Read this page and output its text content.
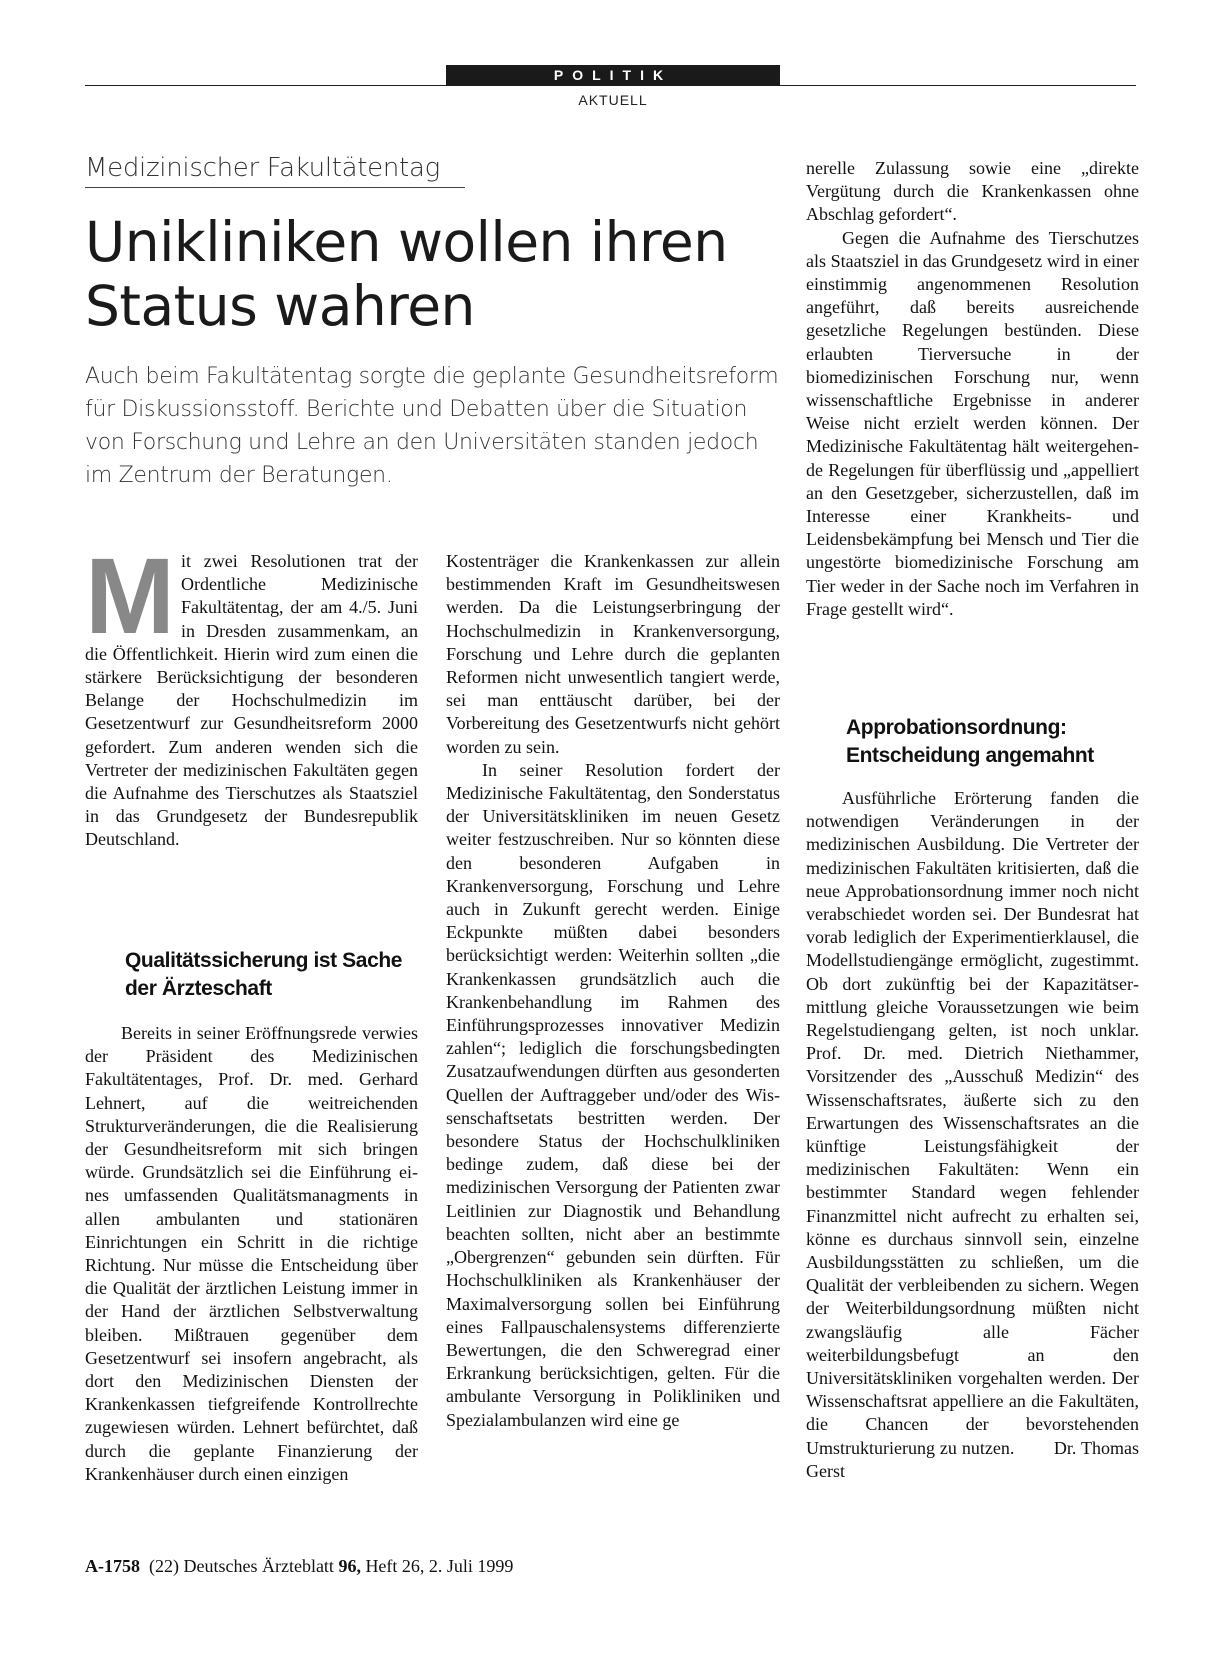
POLITIK
AKTUELL
Medizinischer Fakultätentag
Unikliniken wollen ihren Status wahren
Auch beim Fakultätentag sorgte die geplante Gesundheitsreform für Diskussionsstoff. Berichte und Debatten über die Situation von Forschung und Lehre an den Universitäten standen jedoch im Zentrum der Beratungen.
M it zwei Resolutionen trat der Ordentliche Medizinische Fakultätentag, der am 4./5. Juni in Dresden zusammenkam, an die Öffentlichkeit. Hierin wird zum einen die stärkere Berücksichtigung der besonderen Belange der Hochschulmedizin im Gesetzentwurf zur Gesundheitsreform 2000 gefordert. Zum anderen wenden sich die Vertreter der medizinischen Fakultäten gegen die Aufnahme des Tierschutzes als Staatsziel in das Grundgesetz der Bundesrepublik Deutschland.

Qualitätssicherung ist Sache der Ärzteschaft

Bereits in seiner Eröffnungsrede verwies der Präsident des Medizinischen Fakultätentages, Prof. Dr. med. Gerhard Lehnert, auf die weitreichenden Strukturveränderungen, die die Realisierung der Gesundheitsreform mit sich bringen würde. Grundsätzlich sei die Einführung eines umfassenden Qualitätsmanagments in allen ambulanten und stationären Einrichtungen ein Schritt in die richtige Richtung. Nur müsse die Entscheidung über die Qualität der ärztlichen Leistung immer in der Hand der ärztlichen Selbstverwaltung bleiben. Mißtrauen gegenüber dem Gesetzentwurf sei insofern angebracht, als dort den Medizinischen Diensten der Krankenkassen tiefgreifende Kontrollrechte zugewiesen würden. Lehnert befürchtet, daß durch die geplante Finanzierung der Krankenhäuser durch einen einzigen

Kostenträger die Krankenkassen zur allein bestimmenden Kraft im Gesundheitswesen werden. Da die Leistungserbringung der Hochschulmedizin in Krankenversorgung, Forschung und Lehre durch die geplanten Reformen nicht unwesentlich tangiert werde, sei man enttäuscht darüber, bei der Vorbereitung des Gesetzentwurfs nicht gehört worden zu sein.

In seiner Resolution fordert der Medizinische Fakultätentag, den Sonderstatus der Universitätskliniken im neuen Gesetz weiter festzuschreiben. Nur so könnten diese den besonderen Aufgaben in Krankenversorgung, Forschung und Lehre auch in Zukunft gerecht werden. Einige Eckpunkte müßten dabei besonders berücksichtigt werden: Weiterhin sollten „die Krankenkassen grundsätzlich auch die Krankenbehandlung im Rahmen des Einführungsprozesses innovativer Medizin zahlen“; lediglich die forschungsbedingten Zusatzaufwendungen dürften aus gesonderten Quellen der Auftraggeber und/oder des Wissenschaftsetats bestritten werden. Der besondere Status der Hochschulkliniken bedinge zudem, daß diese bei der medizinischen Versorgung der Patienten zwar Leitlinien zur Diagnostik und Behandlung beachten sollten, nicht aber an bestimmte „Obergrenzen“ gebunden sein dürften. Für Hochschulkliniken als Krankenhäuser der Maximalversorgung sollen bei Einführung eines Fallpauschalensystems differenzierte Bewertungen, die den Schweregrad einer Erkrankung berücksichtigen, gelten. Für die ambulante Versorgung in Polikliniken und Spezialambulanzen wird eine ge

nerelle Zulassung sowie eine „direkte Vergütung durch die Krankenkassen ohne Abschlag gefordert“.

Gegen die Aufnahme des Tierschutzes als Staatsziel in das Grundgesetz wird in einer einstimmig angenommenen Resolution angeführt, daß bereits ausreichende gesetzliche Regelungen bestünden. Diese erlaubten Tierversuche in der biomedizinischen Forschung nur, wenn wissenschaftliche Ergebnisse in anderer Weise nicht erzielt werden können. Der Medizinische Fakultätentag hält weitergehende Regelungen für überflüssig und „appelliert an den Gesetzgeber, sicherzustellen, daß im Interesse einer Krankheits- und Leidensbekämpfung bei Mensch und Tier die ungestörte biomedizinische Forschung am Tier weder in der Sache noch im Verfahren in Frage gestellt wird“.

Approbationsordnung: Entscheidung angemahnt

Ausführliche Erörterung fanden die notwendigen Veränderungen in der medizinischen Ausbildung. Die Vertreter der medizinischen Fakultäten kritisierten, daß die neue Approbationsordnung immer noch nicht verabschiedet worden sei. Der Bundesrat hat vorab lediglich der Experimentierklausel, die Modellstudiengänge ermöglicht, zugestimmt. Ob dort zukünftig bei der Kapazitätsermittlung gleiche Voraussetzungen wie beim Regelstudiengang gelten, ist noch unklar. Prof. Dr. med. Dietrich Niethammer, Vorsitzender des „Ausschuß Medizin“ des Wissenschaftsrates, äußerte sich zu den Erwartungen des Wissenschaftsrates an die künftige Leistungsfähigkeit der medizinischen Fakultäten: Wenn ein bestimmter Standard wegen fehlender Finanzmittel nicht aufrecht zu erhalten sei, könne es durchaus sinnvoll sein, einzelne Ausbildungsstätten zu schließen, um die Qualität der verbleibenden zu sichern. Wegen der Weiterbildungsordnung müßten nicht zwangsläufig alle Fächer weiterbildungsbefugt an den Universitätskliniken vorgehalten werden. Der Wissenschaftsrat appelliere an die Fakultäten, die Chancen der bevorstehenden Umstrukturierung zu nutzen. Dr. Thomas Gerst

A-1758 (22) Deutsches Ärzteblatt 96, Heft 26, 2. Juli 1999
